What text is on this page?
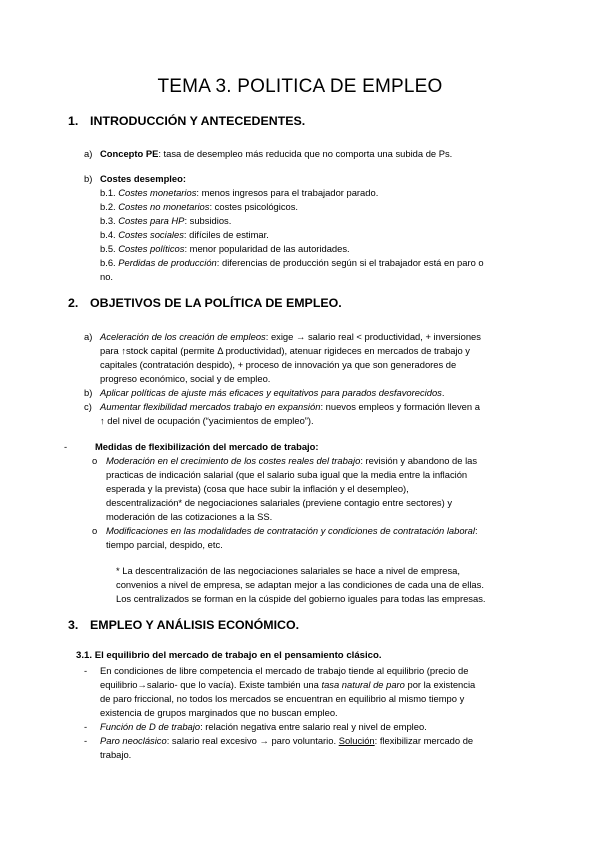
TEMA 3. POLITICA DE EMPLEO
1. INTRODUCCIÓN Y ANTECEDENTES.
a) Concepto PE: tasa de desempleo más reducida que no comporta una subida de Ps.
b) Costes desempleo:
b.1. Costes monetarios: menos ingresos para el trabajador parado.
b.2. Costes no monetarios: costes psicológicos.
b.3. Costes para HP: subsidios.
b.4. Costes sociales: difíciles de estimar.
b.5. Costes políticos: menor popularidad de las autoridades.
b.6. Perdidas de producción: diferencias de producción según si el trabajador está en paro o
no.
2. OBJETIVOS DE LA POLÍTICA DE EMPLEO.
a) Aceleración de los creación de empleos: exige → salario real < productividad, + inversiones
para ↑stock capital (permite Δ productividad), atenuar rigideces en mercados de trabajo y
capitales (contratación despido), + proceso de innovación ya que son generadores de
progreso económico, social y de empleo.
b) Aplicar políticas de ajuste más eficaces y equitativos para parados desfavorecidos.
c) Aumentar flexibilidad mercados trabajo en expansión: nuevos empleos y formación lleven a
↑ del nivel de ocupación (“yacimientos de empleo”).
-	Medidas de flexibilización del mercado de trabajo:
o Moderación en el crecimiento de los costes reales del trabajo: revisión y abandono de las
practicas de indicación salarial (que el salario suba igual que la media entre la inflación
esperada y la prevista) (cosa que hace subir la inflación y el desempleo),
descentralización* de negociaciones salariales (previene contagio entre sectores) y
moderación de las cotizaciones a la SS.
o Modificaciones en las modalidades de contratación y condiciones de contratación laboral:
tiempo parcial, despido, etc.
* La descentralización de las negociaciones salariales se hace a nivel de empresa,
convenios a nivel de empresa, se adaptan mejor a las condiciones de cada una de ellas.
Los centralizados se forman en la cúspide del gobierno iguales para todas las empresas.
3. EMPLEO Y ANÁLISIS ECONÓMICO.
3.1. El equilibrio del mercado de trabajo en el pensamiento clásico.
- En condiciones de libre competencia el mercado de trabajo tiende al equilibrio (precio de
equilibrio→salario- que lo vacía). Existe también una tasa natural de paro por la existencia
de paro friccional, no todos los mercados se encuentran en equilibrio al mismo tiempo y
existencia de grupos marginados que no buscan empleo.
- Función de D de trabajo: relación negativa entre salario real y nivel de empleo.
- Paro neoclásico: salario real excesivo → paro voluntario. Solución: flexibilizar mercado de
trabajo.
